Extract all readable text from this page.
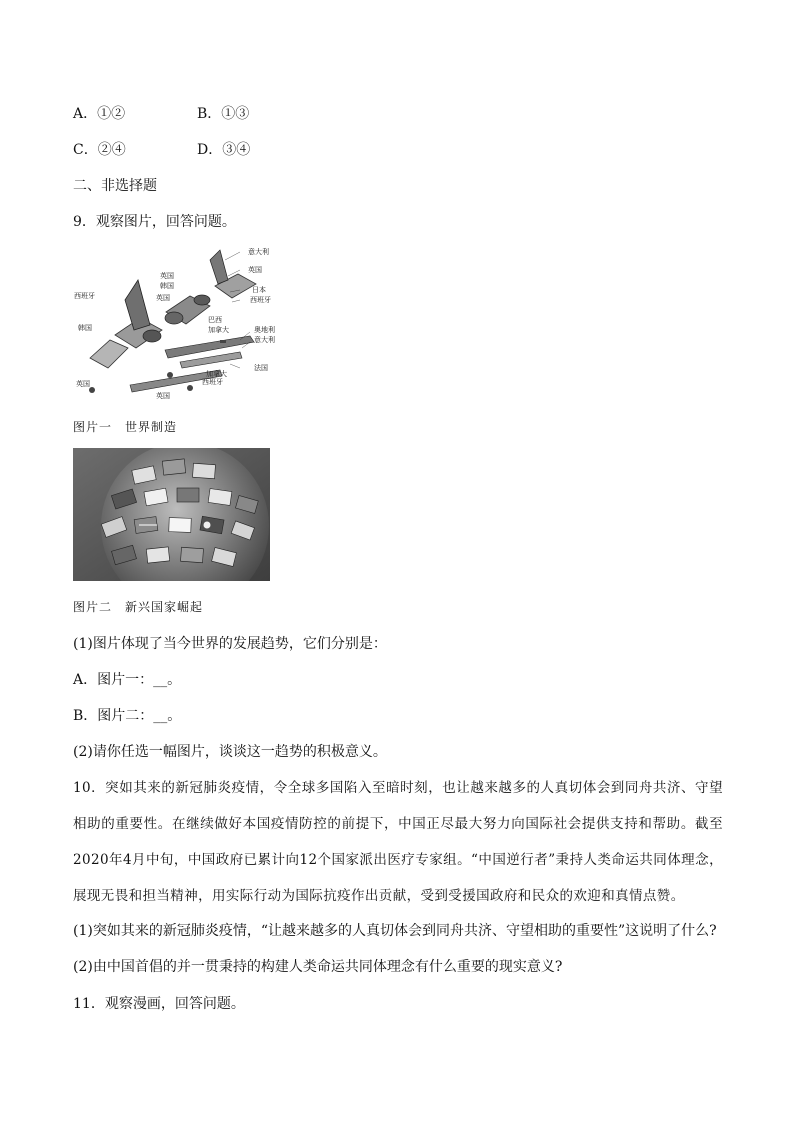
A．①②	B．①③
C．②④	D．③④
二、非选择题
9．观察图片，回答问题。
意大利
英国
英国
韩国
英国
日本
西班牙
西班牙
韩国
巴西
加拿大	奥地利
意大利
加拿大
法国
西班牙
英国
英国
图片一　世界制造
图片二　新兴国家崛起
(1)图片体现了当今世界的发展趋势，它们分别是：
A．图片一：__。
B．图片二：__。
(2)请你任选一幅图片，谈谈这一趋势的积极意义。
10．突如其来的新冠肺炎疫情，令全球多国陷入至暗时刻，也让越来越多的人真切体会到同舟共济、守望相助的重要性。在继续做好本国疫情防控的前提下，中国正尽最大努力向国际社会提供支持和帮助。截至2020年4月中旬，中国政府已累计向12个国家派出医疗专家组。“中国逆行者”秉持人类命运共同体理念，展现无畏和担当精神，用实际行动为国际抗疫作出贡献，受到受援国政府和民众的欢迎和真情点赞。
(1)突如其来的新冠肺炎疫情，“让越来越多的人真切体会到同舟共济、守望相助的重要性”这说明了什么?
(2)由中国首倡的并一贯秉持的构建人类命运共同体理念有什么重要的现实意义?
11．观察漫画，回答问题。
